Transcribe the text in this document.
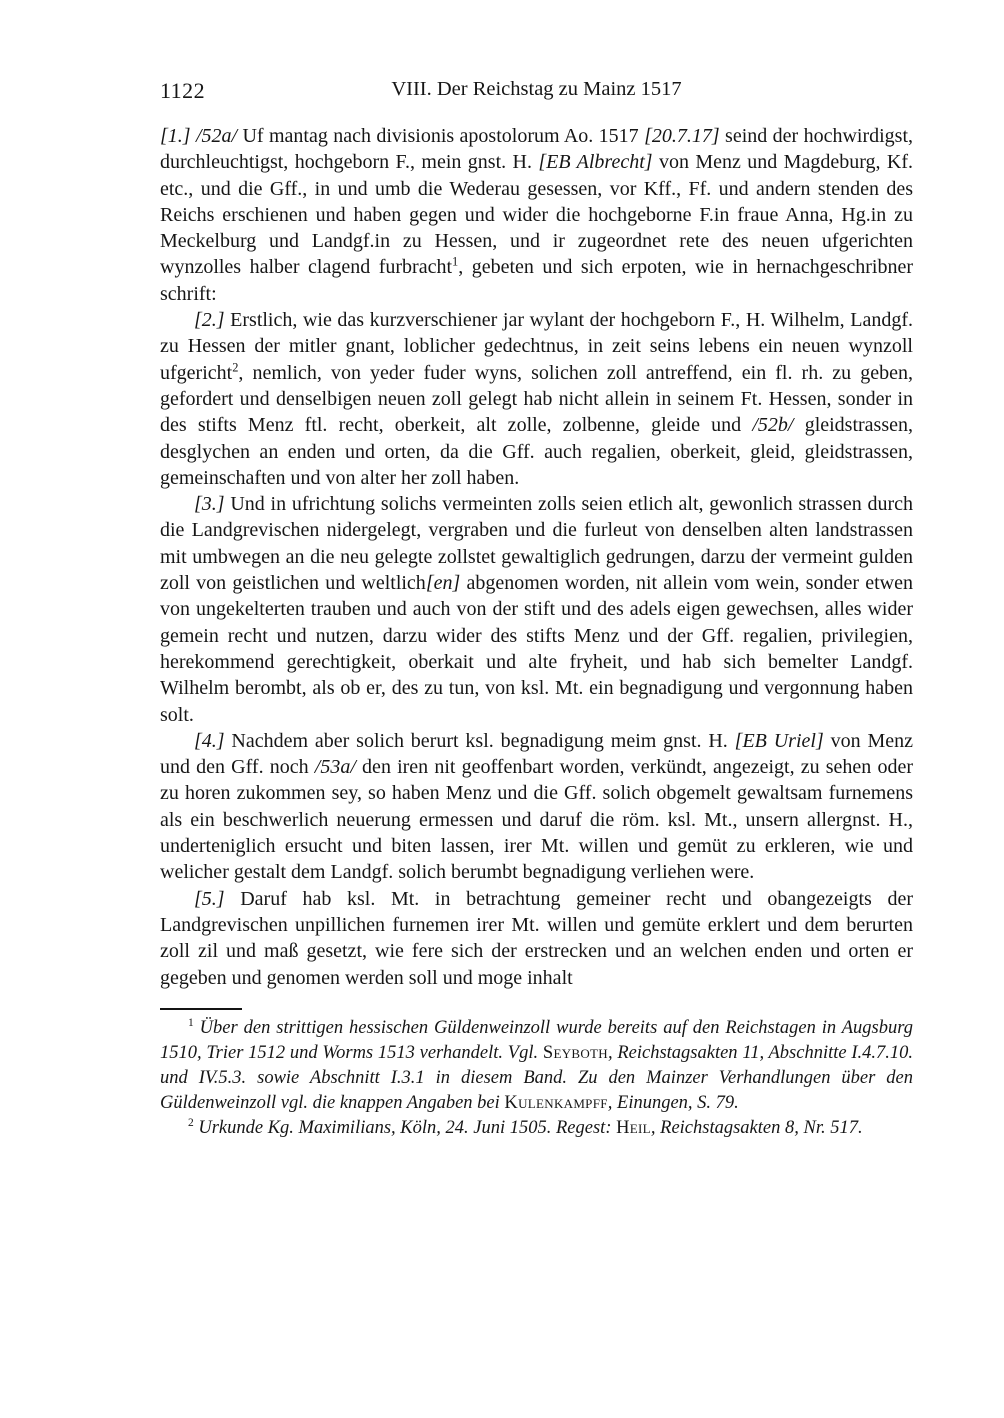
1122	VIII. Der Reichstag zu Mainz 1517

[1.] /52a/ Uf mantag nach divisionis apostolorum Ao. 1517 [20.7.17] seind der hochwirdigst, durchleuchtigst, hochgeborn F., mein gnst. H. [EB Albrecht] von Menz und Magdeburg, Kf. etc., und die Gff., in und umb die Wederau gesessen, vor Kff., Ff. und andern stenden des Reichs erschienen und haben gegen und wider die hochgeborne F.in fraue Anna, Hg.in zu Meckelburg und Landgf.in zu Hessen, und ir zugeordnet rete des neuen ufgerichten wynzolles halber clagend furbracht$^1$, gebeten und sich erpoten, wie in hernachgeschribner schrift:

[2.] Erstlich, wie das kurzverschiener jar wylant der hochgeborn F., H. Wilhelm, Landgf. zu Hessen der mitler gnant, loblicher gedechtnus, in zeit seins lebens ein neuen wynzoll ufgericht$^2$, nemlich, von yeder fuder wyns, solichen zoll antreffend, ein fl. rh. zu geben, gefordert und denselbigen neuen zoll gelegt hab nicht allein in seinem Ft. Hessen, sonder in des stifts Menz ftl. recht, oberkeit, alt zolle, zolbenne, gleide und /52b/ gleidstrassen, desglychen an enden und orten, da die Gff. auch regalien, oberkeit, gleid, gleidstrassen, gemeinschaften und von alter her zoll haben.

[3.] Und in ufrichtung solichs vermeinten zolls seien etlich alt, gewonlich strassen durch die Landgrevischen nidergelegt, vergraben und die furleut von denselben alten landstrassen mit umbwegen an die neu gelegte zollstet gewaltiglich gedrungen, darzu der vermeint gulden zoll von geistlichen und weltlich[en] abgenomen worden, nit allein vom wein, sonder etwen von ungekelterten trauben und auch von der stift und des adels eigen gewechsen, alles wider gemein recht und nutzen, darzu wider des stifts Menz und der Gff. regalien, privilegien, herekommend gerechtigkeit, oberkait und alte fryheit, und hab sich bemelter Landgf. Wilhelm berombt, als ob er, des zu tun, von ksl. Mt. ein begnadigung und vergonnung haben solt.

[4.] Nachdem aber solich berurt ksl. begnadigung meim gnst. H. [EB Uriel] von Menz und den Gff. noch /53a/ den iren nit geoffenbart worden, verkündt, angezeigt, zu sehen oder zu horen zukommen sey, so haben Menz und die Gff. solich obgemelt gewaltsam furnemens als ein beschwerlich neuerung ermessen und daruf die röm. ksl. Mt., unsern allergnst. H., underteniglich ersucht und biten lassen, irer Mt. willen und gemüt zu erkleren, wie und welicher gestalt dem Landgf. solich berumbt begnadigung verliehen were.

[5.] Daruf hab ksl. Mt. in betrachtung gemeiner recht und obangezeigts der Landgrevischen unpillichen furnemen irer Mt. willen und gemüte erklert und dem berurten zoll zil und maß gesetzt, wie fere sich der erstrecken und an welchen enden und orten er gegeben und genomen werden soll und moge inhalt

$^1$ Über den strittigen hessischen Güldenweinzoll wurde bereits auf den Reichstagen in Augsburg 1510, Trier 1512 und Worms 1513 verhandelt. Vgl. Seyboth, Reichstagsakten 11, Abschnitte I.4.7.10. und IV.5.3. sowie Abschnitt I.3.1 in diesem Band. Zu den Mainzer Verhandlungen über den Güldenweinzoll vgl. die knappen Angaben bei Kulenkampff, Einungen, S. 79.

$^2$ Urkunde Kg. Maximilians, Köln, 24. Juni 1505. Regest: Heil, Reichstagsakten 8, Nr. 517.
